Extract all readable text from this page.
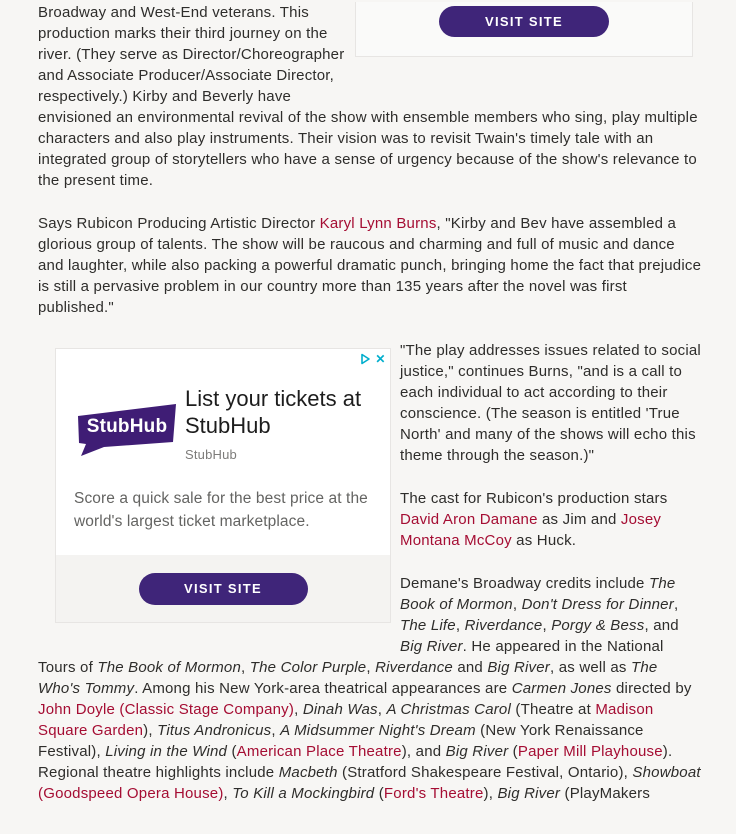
VISIT SITE

Broadway and West-End veterans. This production marks their third journey on the river. (They serve as Director/Choreographer and Associate Producer/Associate Director, respectively.) Kirby and Beverly have envisioned an environmental revival of the show with ensemble members who sing, play multiple characters and also play instruments. Their vision was to revisit Twain's timely tale with an integrated group of storytellers who have a sense of urgency because of the show's relevance to the present time.

Says Rubicon Producing Artistic Director Karyl Lynn Burns, "Kirby and Bev have assembled a glorious group of talents. The show will be raucous and charming and full of music and dance and laughter, while also packing a powerful dramatic punch, bringing home the fact that prejudice is still a pervasive problem in our country more than 135 years after the novel was first published."

✕
StubHub
List your tickets at StubHub
StubHub
Score a quick sale for the best price at the world's largest ticket marketplace.
VISIT SITE

"The play addresses issues related to social justice," continues Burns, "and is a call to each individual to act according to their conscience. (The season is entitled 'True North' and many of the shows will echo this theme through the season.)"

The cast for Rubicon's production stars David Aron Damane as Jim and Josey Montana McCoy as Huck.

Demane's Broadway credits include The Book of Mormon, Don't Dress for Dinner, The Life, Riverdance, Porgy & Bess, and Big River. He appeared in the National Tours of The Book of Mormon, The Color Purple, Riverdance and Big River, as well as The Who's Tommy. Among his New York-area theatrical appearances are Carmen Jones directed by John Doyle (Classic Stage Company), Dinah Was, A Christmas Carol (Theatre at Madison Square Garden), Titus Andronicus, A Midsummer Night's Dream (New York Renaissance Festival), Living in the Wind (American Place Theatre), and Big River (Paper Mill Playhouse). Regional theatre highlights include Macbeth (Stratford Shakespeare Festival, Ontario), Showboat (Goodspeed Opera House), To Kill a Mockingbird (Ford's Theatre), Big River (PlayMakers
